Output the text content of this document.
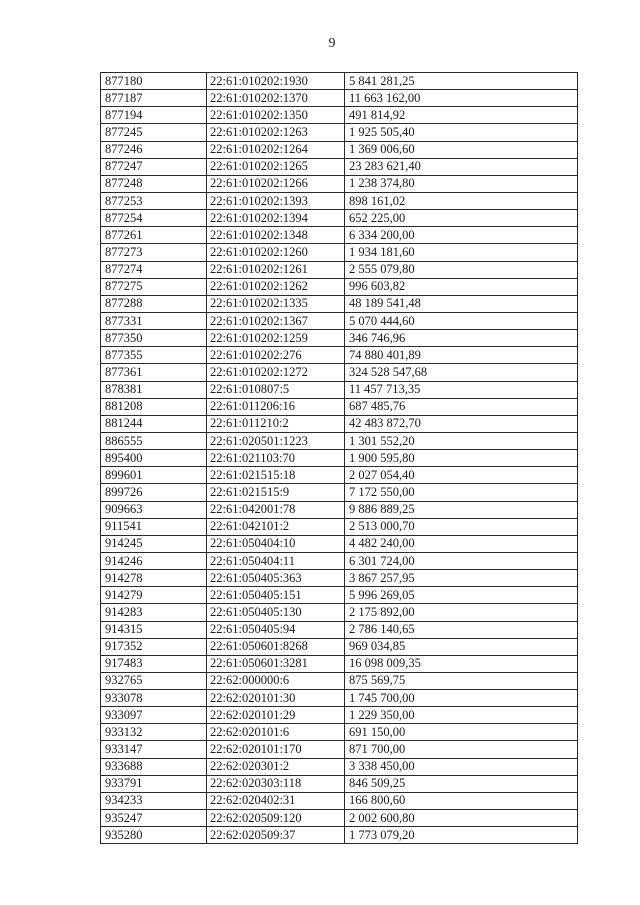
9
877180	22:61:010202:1930	5 841 281,25
877187	22:61:010202:1370	11 663 162,00
877194	22:61:010202:1350	491 814,92
877245	22:61:010202:1263	1 925 505,40
877246	22:61:010202:1264	1 369 006,60
877247	22:61:010202:1265	23 283 621,40
877248	22:61:010202:1266	1 238 374,80
877253	22:61:010202:1393	898 161,02
877254	22:61:010202:1394	652 225,00
877261	22:61:010202:1348	6 334 200,00
877273	22:61:010202:1260	1 934 181,60
877274	22:61:010202:1261	2 555 079,80
877275	22:61:010202:1262	996 603,82
877288	22:61:010202:1335	48 189 541,48
877331	22:61:010202:1367	5 070 444,60
877350	22:61:010202:1259	346 746,96
877355	22:61:010202:276	74 880 401,89
877361	22:61:010202:1272	324 528 547,68
878381	22:61:010807:5	11 457 713,35
881208	22:61:011206:16	687 485,76
881244	22:61:011210:2	42 483 872,70
886555	22:61:020501:1223	1 301 552,20
895400	22:61:021103:70	1 900 595,80
899601	22:61:021515:18	2 027 054,40
899726	22:61:021515:9	7 172 550,00
909663	22:61:042001:78	9 886 889,25
911541	22:61:042101:2	2 513 000,70
914245	22:61:050404:10	4 482 240,00
914246	22:61:050404:11	6 301 724,00
914278	22:61:050405:363	3 867 257,95
914279	22:61:050405:151	5 996 269,05
914283	22:61:050405:130	2 175 892,00
914315	22:61:050405:94	2 786 140,65
917352	22:61:050601:8268	969 034,85
917483	22:61:050601:3281	16 098 009,35
932765	22:62:000000:6	875 569,75
933078	22:62:020101:30	1 745 700,00
933097	22:62:020101:29	1 229 350,00
933132	22:62:020101:6	691 150,00
933147	22:62:020101:170	871 700,00
933688	22:62:020301:2	3 338 450,00
933791	22:62:020303:118	846 509,25
934233	22:62:020402:31	166 800,60
935247	22:62:020509:120	2 002 600,80
935280	22:62:020509:37	1 773 079,20
